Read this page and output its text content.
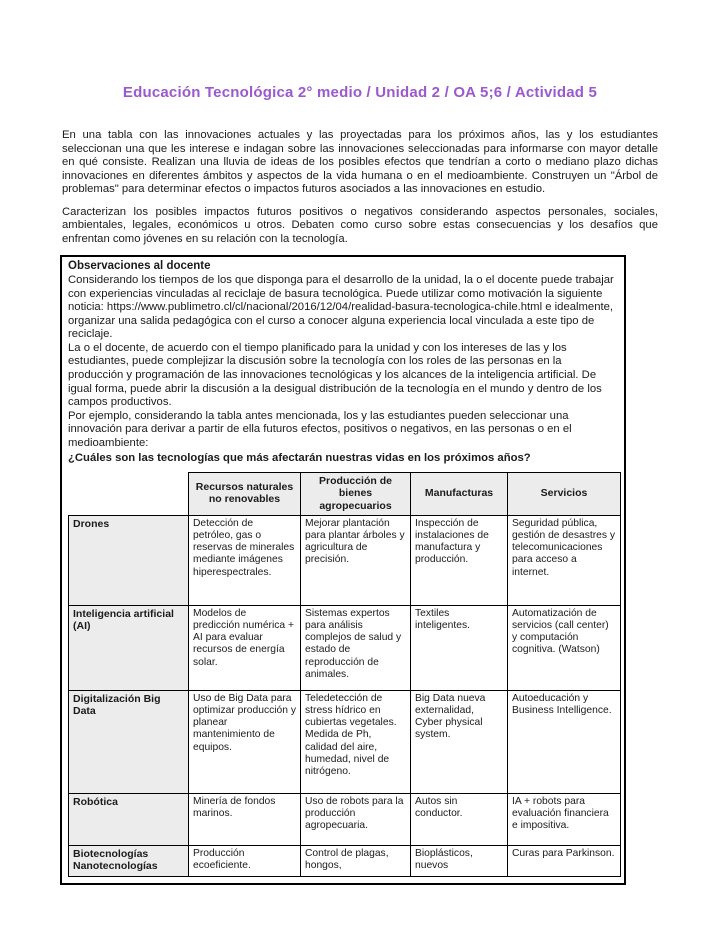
Educación Tecnológica 2° medio / Unidad 2 / OA 5;6 / Actividad 5

En una tabla con las innovaciones actuales y las proyectadas para los próximos años, las y los estudiantes seleccionan una que les interese e indagan sobre las innovaciones seleccionadas para informarse con mayor detalle en qué consiste. Realizan una lluvia de ideas de los posibles efectos que tendrían a corto o mediano plazo dichas innovaciones en diferentes ámbitos y aspectos de la vida humana o en el medioambiente. Construyen un "Árbol de problemas" para determinar efectos o impactos futuros asociados a las innovaciones en estudio.

Caracterizan los posibles impactos futuros positivos o negativos considerando aspectos personales, sociales, ambientales, legales, económicos u otros. Debaten como curso sobre estas consecuencias y los desafíos que enfrentan como jóvenes en su relación con la tecnología.

Observaciones al docente

Considerando los tiempos de los que disponga para el desarrollo de la unidad, la o el docente puede trabajar con experiencias vinculadas al reciclaje de basura tecnológica. Puede utilizar como motivación la siguiente noticia: https://www.publimetro.cl/cl/nacional/2016/12/04/realidad-basura-tecnologica-chile.html e idealmente, organizar una salida pedagógica con el curso a conocer alguna experiencia local vinculada a este tipo de reciclaje.

La o el docente, de acuerdo con el tiempo planificado para la unidad y con los intereses de las y los estudiantes, puede complejizar la discusión sobre la tecnología con los roles de las personas en la producción y programación de las innovaciones tecnológicas y los alcances de la inteligencia artificial. De igual forma, puede abrir la discusión a la desigual distribución de la tecnología en el mundo y dentro de los campos productivos.

Por ejemplo, considerando la tabla antes mencionada, los y las estudiantes pueden seleccionar una innovación para derivar a partir de ella futuros efectos, positivos o negativos, en las personas o en el medioambiente:

¿Cuáles son las tecnologías que más afectarán nuestras vidas en los próximos años?
	Recursos naturales no renovables	Producción de bienes agropecuarios	Manufacturas	Servicios
Drones	Detección de petróleo, gas o reservas de minerales mediante imágenes hiperespectrales.	Mejorar plantación para plantar árboles y agricultura de precisión.	Inspección de instalaciones de manufactura y producción.	Seguridad pública, gestión de desastres y telecomunicaciones para acceso a internet.
Inteligencia artificial (AI)	Modelos de predicción numérica + AI para evaluar recursos de energía solar.	Sistemas expertos para análisis complejos de salud y estado de reproducción de animales.	Textiles inteligentes.	Automatización de servicios (call center) y computación cognitiva. (Watson)
Digitalización Big Data	Uso de Big Data para optimizar producción y planear mantenimiento de equipos.	Teledetección de stress hídrico en cubiertas vegetales. Medida de Ph, calidad del aire, humedad, nivel de nitrógeno.	Big Data nueva externalidad, Cyber physical system.	Autoeducación y Business Intelligence.
Robótica	Minería de fondos marinos.	Uso de robots para la producción agropecuaria.	Autos sin conductor.	IA + robots para evaluación financiera e impositiva.
Biotecnologías Nanotecnologías	Producción ecoeficiente.	Control de plagas, hongos,	Bioplásticos, nuevos	Curas para Parkinson.
